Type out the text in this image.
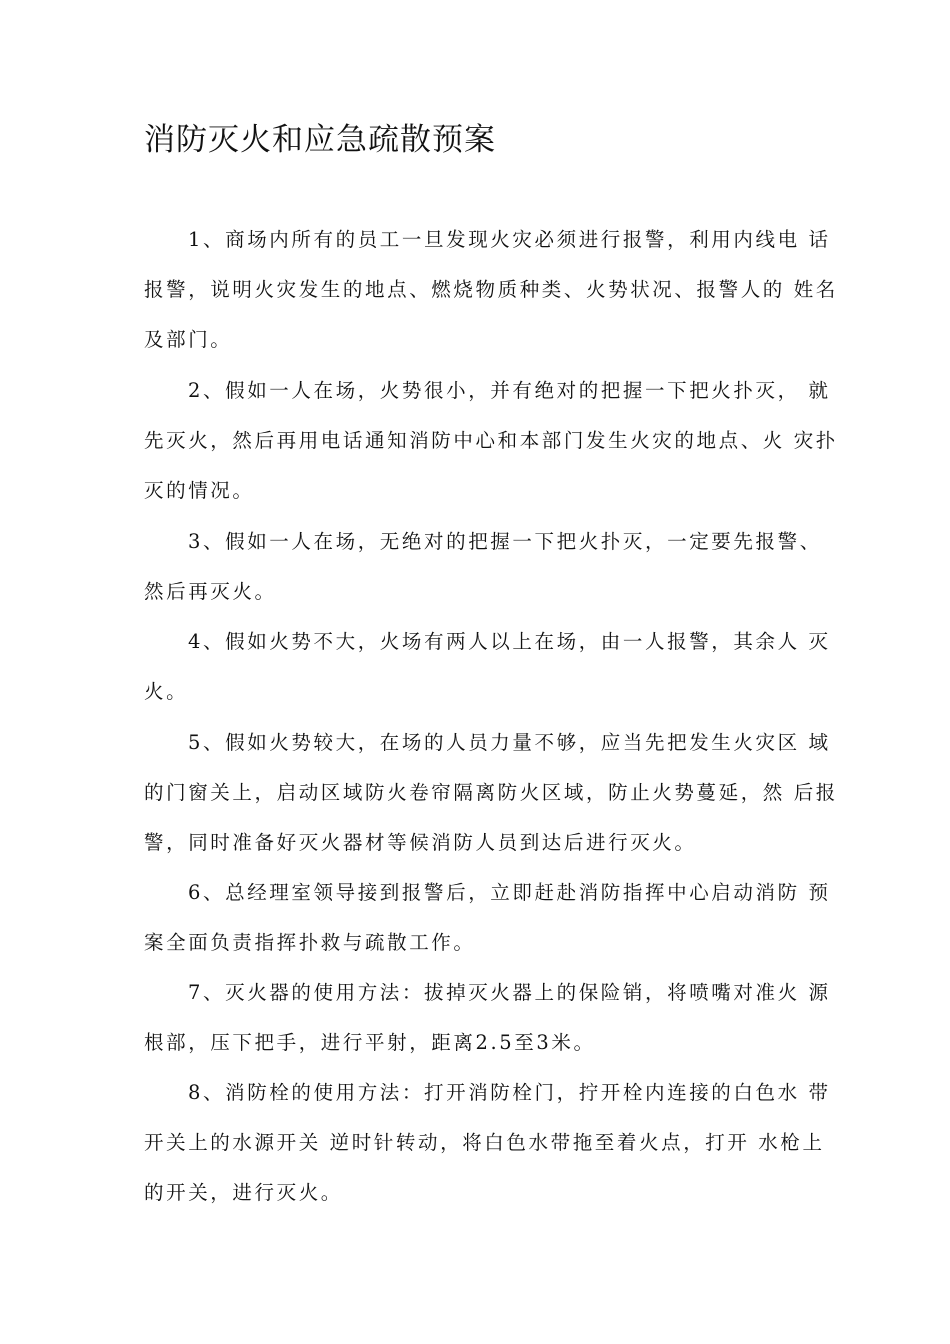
消防灭火和应急疏散预案
1、商场内所有的员工一旦发现火灾必须进行报警，利用内线电 话
报警，说明火灾发生的地点、燃烧物质种类、火势状况、报警人的 姓名
及部门。
2、假如一人在场，火势很小，并有绝对的把握一下把火扑灭， 就
先灭火，然后再用电话通知消防中心和本部门发生火灾的地点、火 灾扑
灭的情况。
3、假如一人在场，无绝对的把握一下把火扑灭，一定要先报警、
然后再灭火。
4、假如火势不大，火场有两人以上在场，由一人报警，其余人 灭
火。
5、假如火势较大，在场的人员力量不够，应当先把发生火灾区 域
的门窗关上，启动区域防火卷帘隔离防火区域，防止火势蔓延，然 后报
警，同时准备好灭火器材等候消防人员到达后进行灭火。
6、总经理室领导接到报警后，立即赶赴消防指挥中心启动消防 预
案全面负责指挥扑救与疏散工作。
7、灭火器的使用方法：拔掉灭火器上的保险销，将喷嘴对准火 源
根部，压下把手，进行平射，距离2.5至3米。
8、消防栓的使用方法：打开消防栓门，拧开栓内连接的白色水 带
开关上的水源开关 逆时针转动，将白色水带拖至着火点，打开 水枪上
的开关，进行灭火。
